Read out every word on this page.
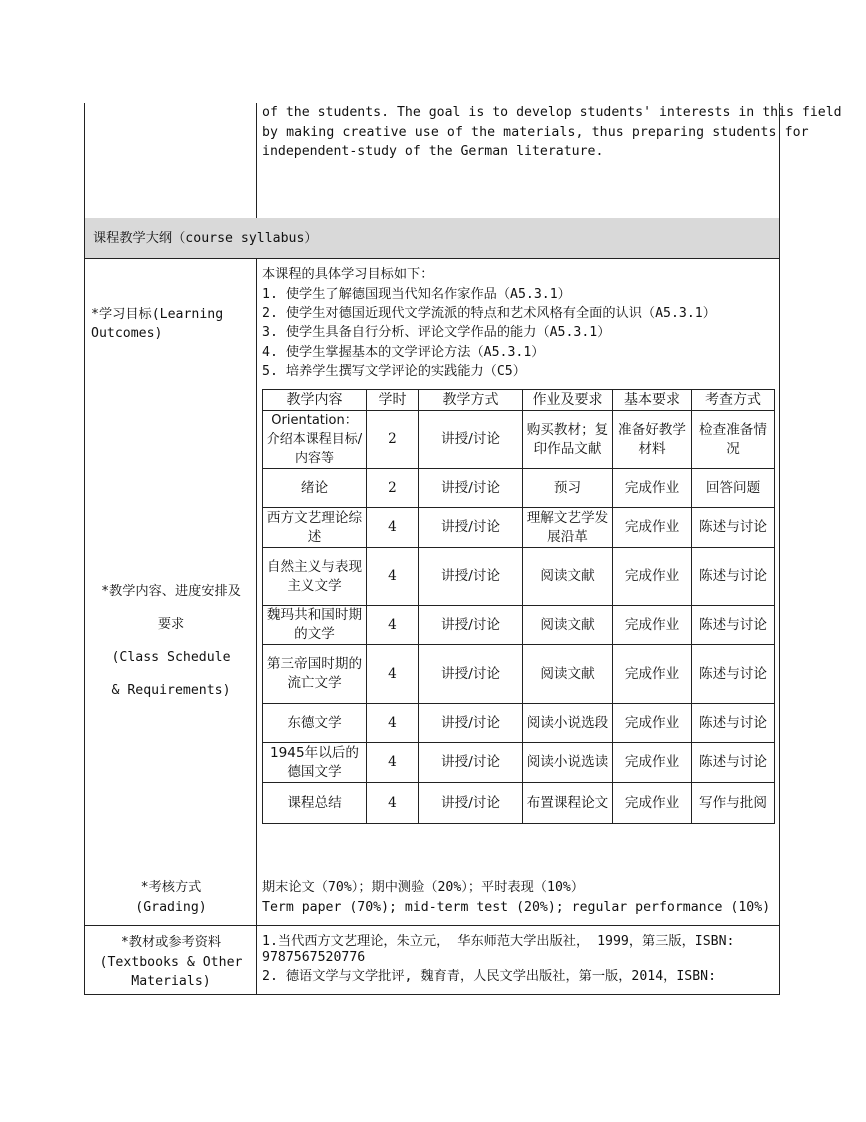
课程教学大纲（course syllabus）
of the students. The goal is to develop students' interests in this field
by making creative use of the materials, thus preparing students for
independent-study of the German literature.
*学习目标(Learning
Outcomes)
本课程的具体学习目标如下：
1. 使学生了解德国现当代知名作家作品（A5.3.1）
2. 使学生对德国近现代文学流派的特点和艺术风格有全面的认识（A5.3.1）
3. 使学生具备自行分析、评论文学作品的能力（A5.3.1）
4. 使学生掌握基本的文学评论方法（A5.3.1）
5. 培养学生撰写文学评论的实践能力（C5）
*教学内容、进度安排及
要求
(Class Schedule
& Requirements)
教学内容	学时	教学方式	作业及要求	基本要求	考查方式
Orientation：介绍本课程目标/内容等	2	讲授/讨论	购买教材；复印作品文献	准备好教学材料	检查准备情况
绪论	2	讲授/讨论	预习	完成作业	回答问题
西方文艺理论综述	4	讲授/讨论	理解文艺学发展沿革	完成作业	陈述与讨论
自然主义与表现主义文学	4	讲授/讨论	阅读文献	完成作业	陈述与讨论
魏玛共和国时期的文学	4	讲授/讨论	阅读文献	完成作业	陈述与讨论
第三帝国时期的流亡文学	4	讲授/讨论	阅读文献	完成作业	陈述与讨论
东德文学	4	讲授/讨论	阅读小说选段	完成作业	陈述与讨论
1945年以后的德国文学	4	讲授/讨论	阅读小说选读	完成作业	陈述与讨论
课程总结	4	讲授/讨论	布置课程论文	完成作业	写作与批阅
*考核方式
(Grading)
期末论文（70%）；期中测验（20%）；平时表现（10%）
Term paper (70%); mid-term test (20%); regular performance (10%)
*教材或参考资料
(Textbooks & Other
Materials)
1.当代西方文艺理论，朱立元， 华东师范大学出版社， 1999，第三版，ISBN:
9787567520776
2. 德语文学与文学批评, 魏育青，人民文学出版社，第一版，2014，ISBN:
